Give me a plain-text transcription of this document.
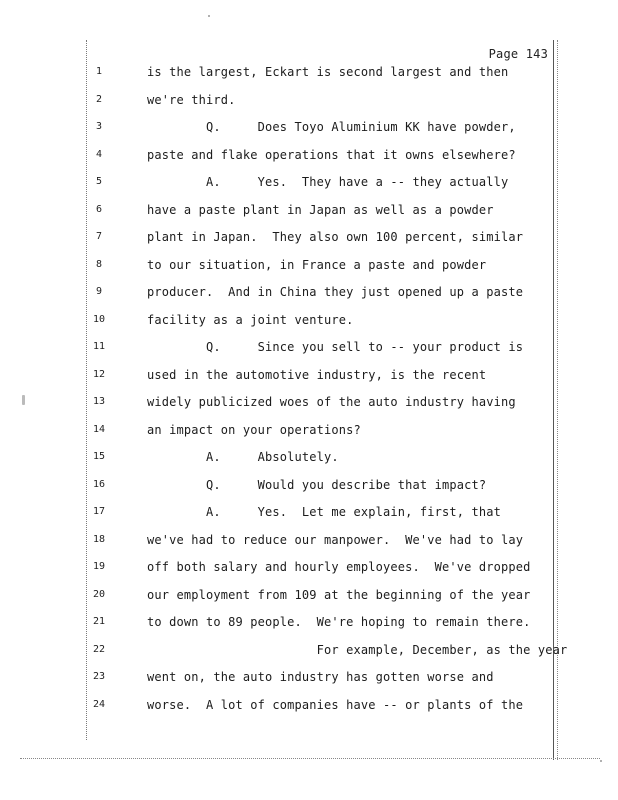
Page 143
1	is the largest, Eckart is second largest and then
2	we're third.
3	Q.     Does Toyo Aluminium KK have powder,
4	paste and flake operations that it owns elsewhere?
5	A.     Yes.  They have a -- they actually
6	have a paste plant in Japan as well as a powder
7	plant in Japan.  They also own 100 percent, similar
8	to our situation, in France a paste and powder
9	producer.  And in China they just opened up a paste
10	facility as a joint venture.
11	Q.     Since you sell to -- your product is
12	used in the automotive industry, is the recent
13	widely publicized woes of the auto industry having
14	an impact on your operations?
15	A.     Absolutely.
16	Q.     Would you describe that impact?
17	A.     Yes.  Let me explain, first, that
18	we've had to reduce our manpower.  We've had to lay
19	off both salary and hourly employees.  We've dropped
20	our employment from 109 at the beginning of the year
21	to down to 89 people.  We're hoping to remain there.
22	For example, December, as the year
23	went on, the auto industry has gotten worse and
24	worse.  A lot of companies have -- or plants of the
